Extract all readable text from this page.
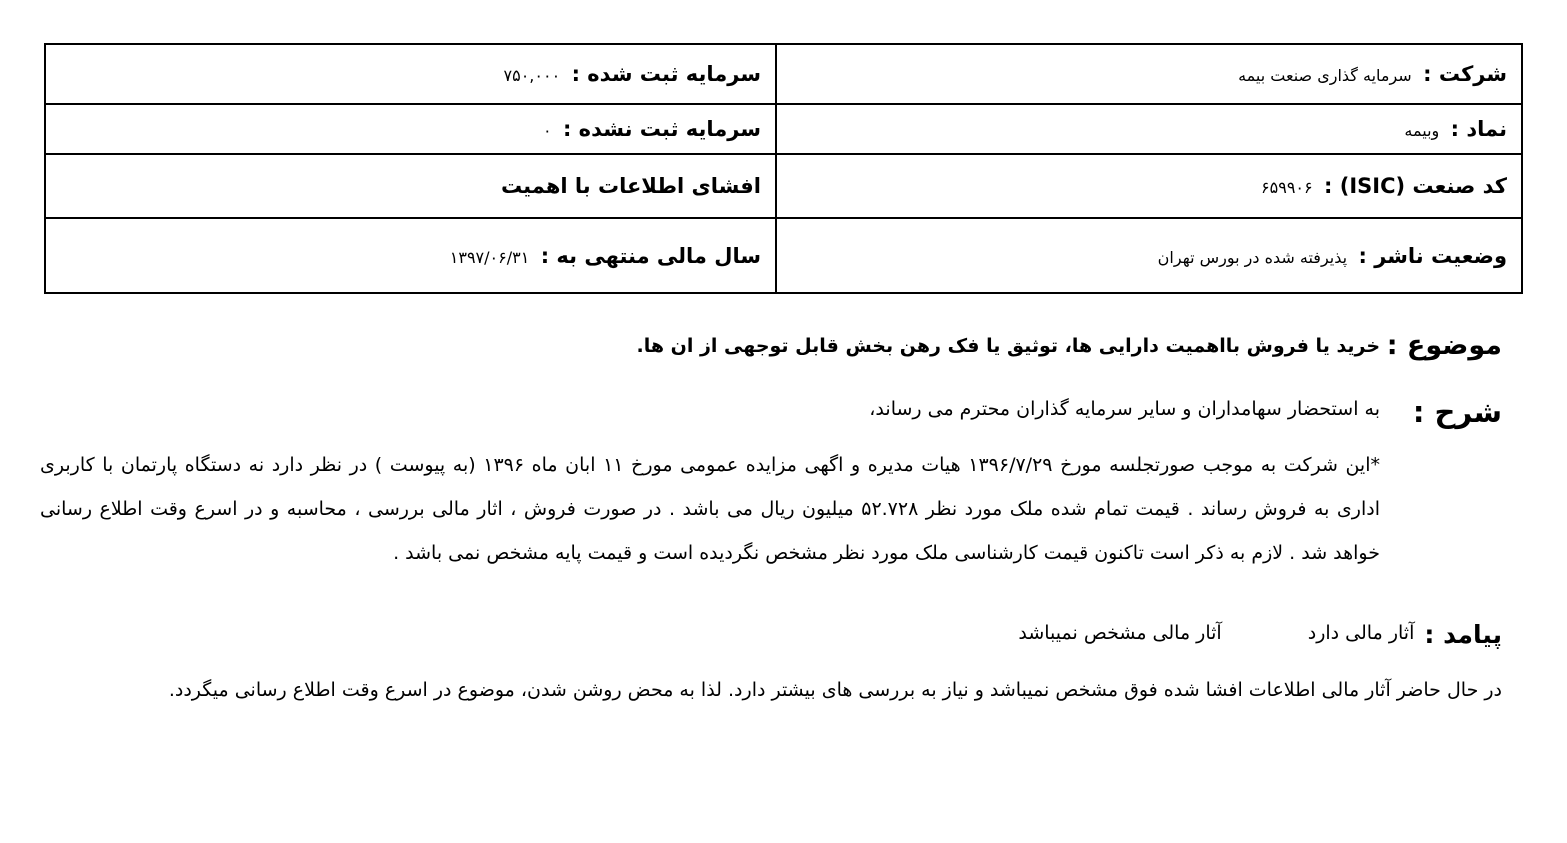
شرکت : سرمایه گذاری صنعت بیمه	سرمایه ثبت شده : ۷۵۰,۰۰۰
نماد : وبیمه	سرمایه ثبت نشده : ۰
کد صنعت (ISIC) : ۶۵۹۹۰۶	افشای اطلاعات با اهمیت
وضعیت ناشر : پذیرفته شده در بورس تهران	سال مالی منتهی به : ۱۳۹۷/۰۶/۳۱
موضوع : خرید یا فروش بااهمیت دارایی ها، توثیق یا فک رهن بخش قابل توجهی از ان ها.
شرح :
به استحضار سهامداران و سایر سرمایه گذاران محترم می رساند،
*این شرکت به موجب صورتجلسه مورخ ۱۳۹۶/۷/۲۹ هیات مدیره و اگهی مزایده عمومی مورخ ۱۱ ابان ماه ۱۳۹۶ (به پیوست ) در نظر دارد نه دستگاه پارتمان با کاربری اداری به فروش رساند . قیمت تمام شده ملک مورد نظر ۵۲.۷۲۸ میلیون ریال می باشد . در صورت فروش ، اثار مالی بررسی ، محاسبه و در اسرع وقت اطلاع رسانی خواهد شد . لازم به ذکر است تاکنون قیمت کارشناسی ملک مورد نظر مشخص نگردیده است و قیمت پایه مشخص نمی باشد .
پیامد : آثار مالی دارد آثار مالی مشخص نمیباشد
در حال حاضر آثار مالی اطلاعات افشا شده فوق مشخص نمیباشد و نیاز به بررسی های بیشتر دارد. لذا به محض روشن شدن، موضوع در اسرع وقت اطلاع رسانی میگردد.
